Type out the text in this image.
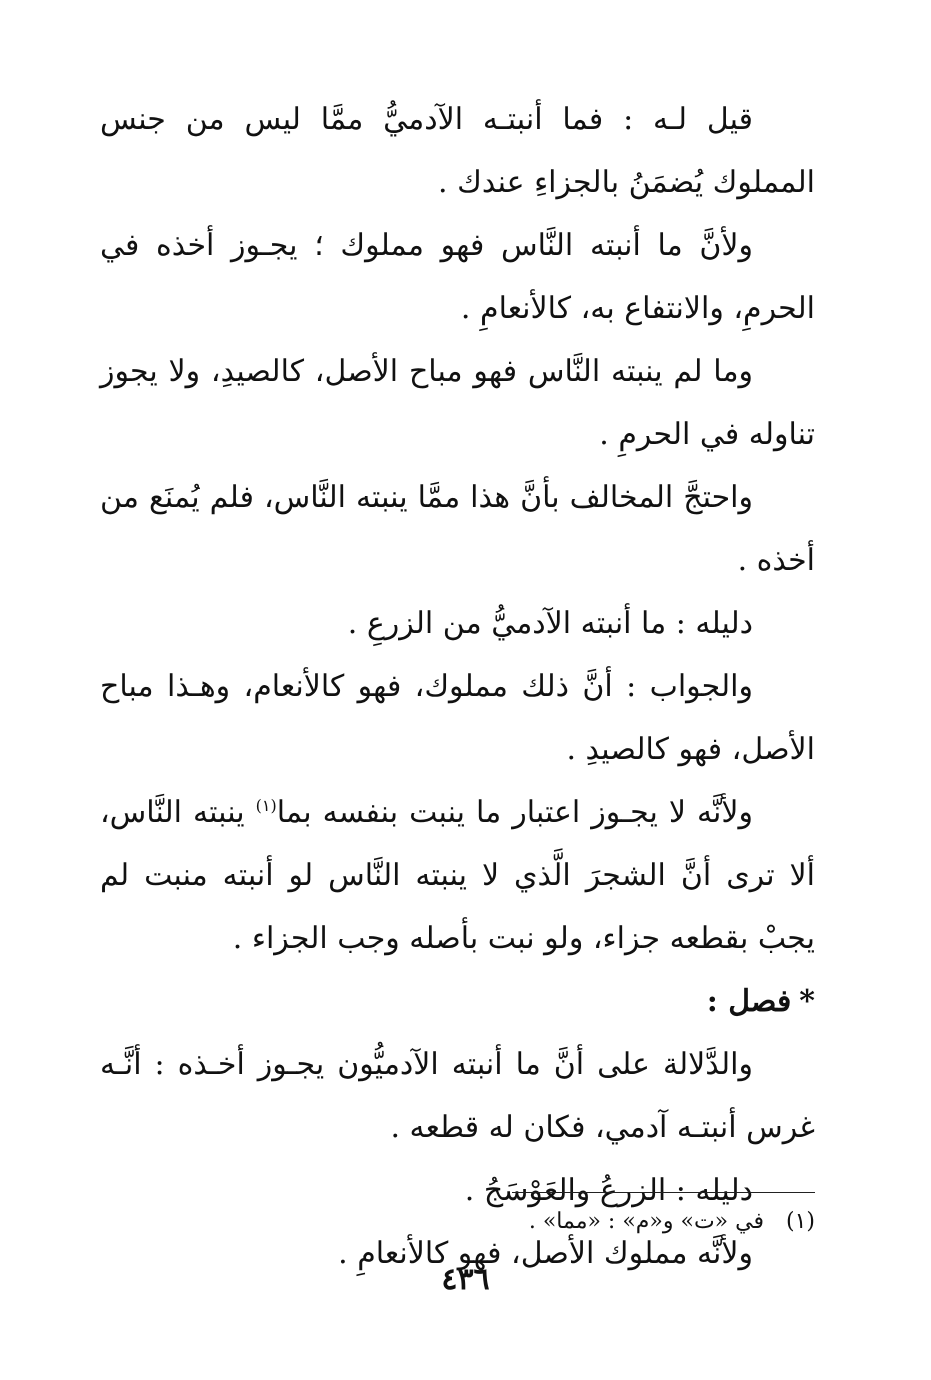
قيل لـه : فما أنبتـه الآدميُّ ممَّا ليس من جنس المملوك يُضمَنُ بالجزاءِ عندك .

ولأنَّ ما أنبته النَّاس فهو مملوك ؛ يجـوز أخذه في الحرمِ، والانتفاع به، كالأنعامِ .

وما لم ينبته النَّاس فهو مباح الأصل، كالصيدِ، ولا يجوز تناوله في الحرمِ .

واحتجَّ المخالف بأنَّ هذا ممَّا ينبته النَّاس، فلم يُمنَع من أخذه .

دليله : ما أنبته الآدميُّ من الزرعِ .

والجواب : أنَّ ذلك مملوك، فهو كالأنعام، وهـذا مباح الأصل، فهو كالصيدِ .

ولأنَّه لا يجـوز اعتبار ما ينبت بنفسه بما$^{(١)}$ ينبته النَّاس، ألا ترى أنَّ الشجرَ الَّذي لا ينبته النَّاس لو أنبته منبت لم يجبْ بقطعه جزاء، ولو نبت بأصله وجب الجزاء .

*فصل :

والدَّلالة على أنَّ ما أنبته الآدميُّون يجـوز أخـذه : أنَّـه غرس أنبتـه آدمي، فكان له قطعه .

دليله : الزرعُ والعَوْسَجُ .

ولأنَّه مملوك الأصل، فهو كالأنعامِ .

(١)في «ت» و«م» : «مما» .
٤٣٦
